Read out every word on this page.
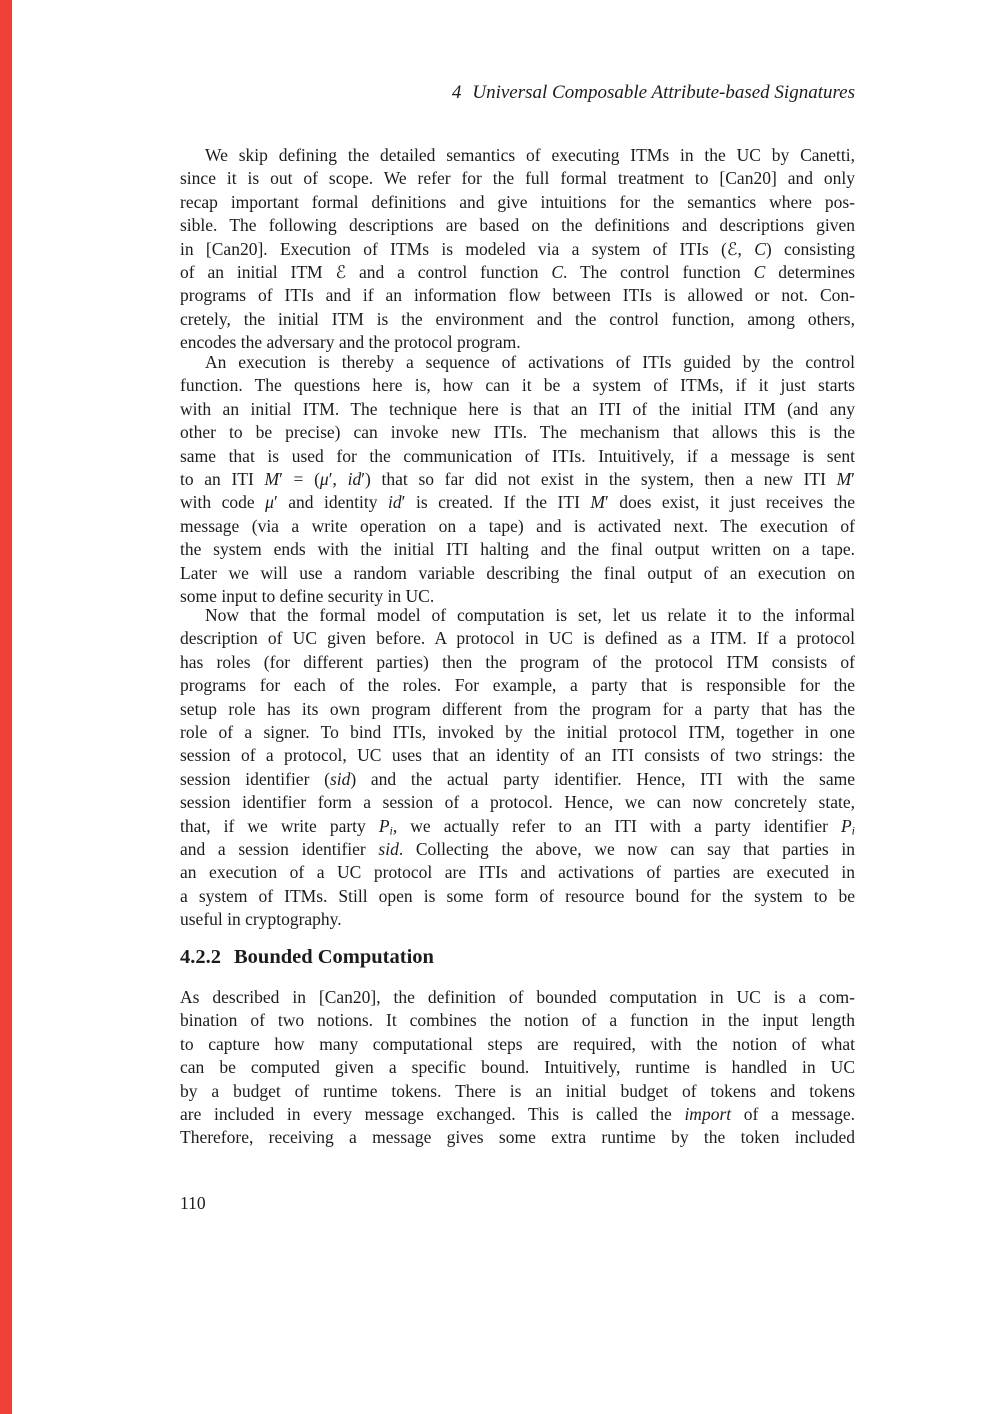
4 Universal Composable Attribute-based Signatures
We skip defining the detailed semantics of executing ITMs in the UC by Canetti,
since it is out of scope. We refer for the full formal treatment to [Can20] and only
recap important formal definitions and give intuitions for the semantics where pos-
sible. The following descriptions are based on the definitions and descriptions given
in [Can20]. Execution of ITMs is modeled via a system of ITIs (ℰ, C) consisting
of an initial ITM ℰ and a control function C. The control function C determines
programs of ITIs and if an information flow between ITIs is allowed or not. Con-
cretely, the initial ITM is the environment and the control function, among others,
encodes the adversary and the protocol program.
An execution is thereby a sequence of activations of ITIs guided by the control
function. The questions here is, how can it be a system of ITMs, if it just starts
with an initial ITM. The technique here is that an ITI of the initial ITM (and any
other to be precise) can invoke new ITIs. The mechanism that allows this is the
same that is used for the communication of ITIs. Intuitively, if a message is sent
to an ITI M′ = (μ′, id′) that so far did not exist in the system, then a new ITI M′
with code μ′ and identity id′ is created. If the ITI M′ does exist, it just receives the
message (via a write operation on a tape) and is activated next. The execution of
the system ends with the initial ITI halting and the final output written on a tape.
Later we will use a random variable describing the final output of an execution on
some input to define security in UC.
Now that the formal model of computation is set, let us relate it to the informal
description of UC given before. A protocol in UC is defined as a ITM. If a protocol
has roles (for different parties) then the program of the protocol ITM consists of
programs for each of the roles. For example, a party that is responsible for the
setup role has its own program different from the program for a party that has the
role of a signer. To bind ITIs, invoked by the initial protocol ITM, together in one
session of a protocol, UC uses that an identity of an ITI consists of two strings: the
session identifier (sid) and the actual party identifier. Hence, ITI with the same
session identifier form a session of a protocol. Hence, we can now concretely state,
that, if we write party Pi, we actually refer to an ITI with a party identifier Pi
and a session identifier sid. Collecting the above, we now can say that parties in
an execution of a UC protocol are ITIs and activations of parties are executed in
a system of ITMs. Still open is some form of resource bound for the system to be
useful in cryptography.
4.2.2 Bounded Computation
As described in [Can20], the definition of bounded computation in UC is a com-
bination of two notions. It combines the notion of a function in the input length
to capture how many computational steps are required, with the notion of what
can be computed given a specific bound. Intuitively, runtime is handled in UC
by a budget of runtime tokens. There is an initial budget of tokens and tokens
are included in every message exchanged. This is called the import of a message.
Therefore, receiving a message gives some extra runtime by the token included
110
